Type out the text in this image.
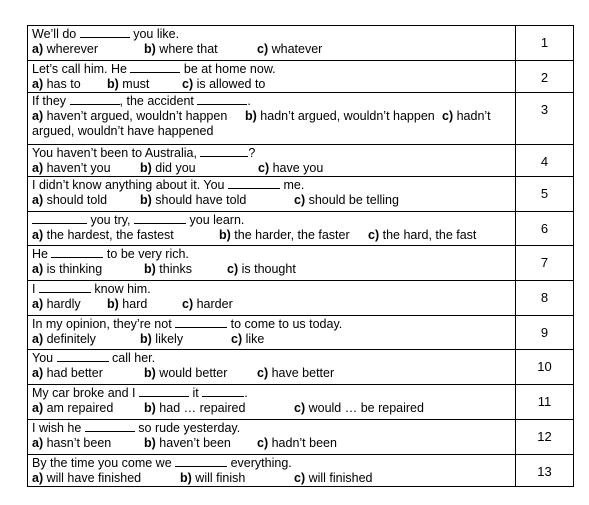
We’ll do you like.
a) wherever b) where that c) whatever	1

Let’s call him. He be at home now.
a) has to b) must c) is allowed to	2

If they , the accident .
a) haven’t argued, wouldn’t happen b) hadn’t argued, wouldn’t happen c) hadn’t
argued, wouldn’t have happened	3

You haven’t been to Australia, ?
a) haven’t you b) did you c) have you	4

I didn’t know anything about it. You me.
a) should told b) should have told c) should be telling	5

you try, you learn.
a) the hardest, the fastest b) the harder, the faster c) the hard, the fast	6

He to be very rich.
a) is thinking b) thinks c) is thought	7

I know him.
a) hardly b) hard c) harder	8

In my opinion, they’re not to come to us today.
a) definitely b) likely c) like	9

You call her.
a) had better b) would better c) have better	10

My car broke and I it .
a) am repaired b) had … repaired c) would … be repaired	11

I wish he so rude yesterday.
a) hasn’t been b) haven’t been c) hadn’t been	12

By the time you come we everything.
a) will have finished b) will finish c) will finished	13
